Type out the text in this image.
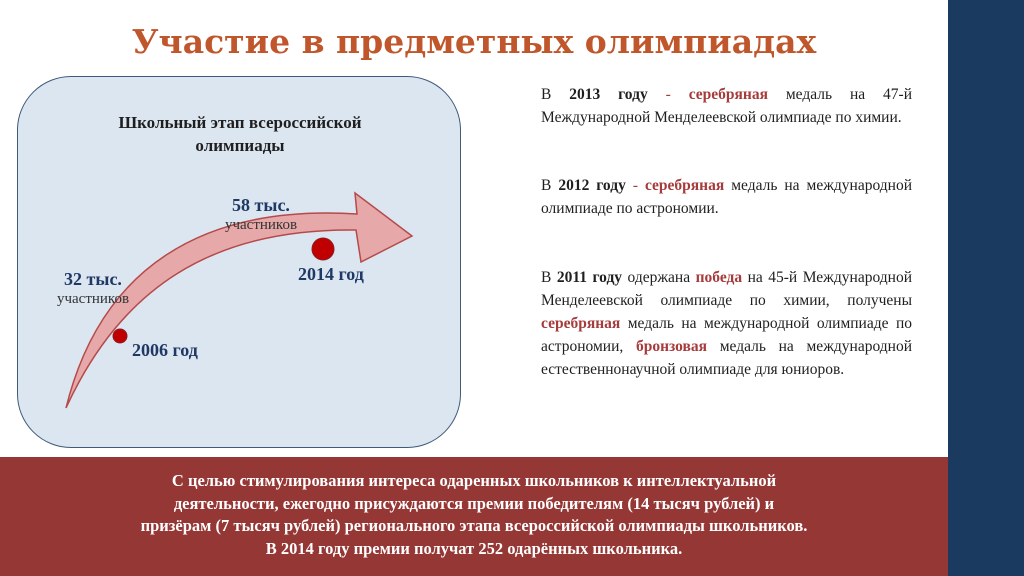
Участие в предметных олимпиадах
Школьный этап всероссийской
олимпиады
32 тыс.
участников
2006 год
58 тыс.
участников
2014 год

В 2013 году - серебряная медаль на 47-й Международной Менделеевской олимпиаде по химии.

В 2012 году - серебряная медаль на международной олимпиаде по астрономии.

В 2011 году одержана победа на 45-й Международной Менделеевской олимпиаде по химии, получены серебряная медаль на международной олимпиаде по астрономии, бронзовая медаль на международной естественнонаучной олимпиаде для юниоров.

С целью стимулирования интереса одаренных школьников к интеллектуальной
деятельности, ежегодно присуждаются премии победителям (14 тысяч рублей) и
призёрам (7 тысяч рублей) регионального этапа всероссийской олимпиады школьников.
В 2014 году премии получат 252 одарённых школьника.
